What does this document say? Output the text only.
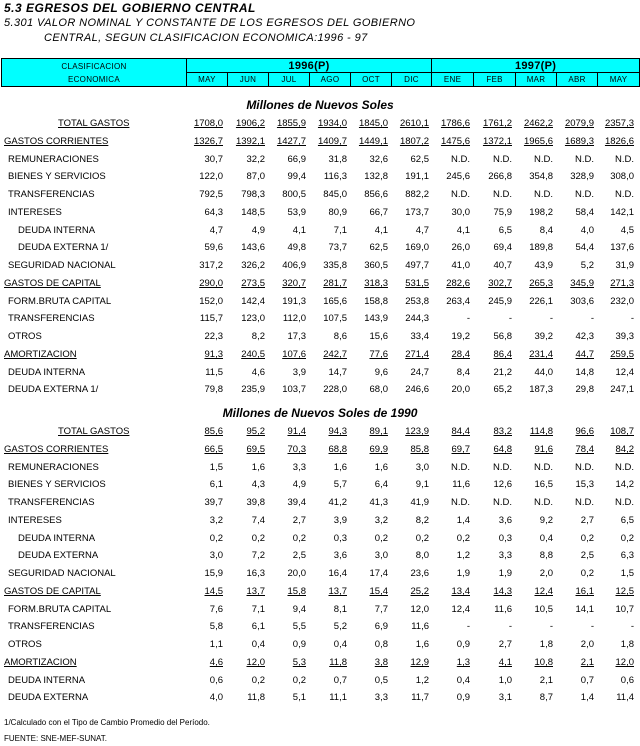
5.3 EGRESOS DEL GOBIERNO CENTRAL
5.301 VALOR NOMINAL Y CONSTANTE DE LOS EGRESOS DEL GOBIERNO
CENTRAL, SEGUN CLASIFICACION ECONOMICA:1996 - 97
CLASIFICACION
ECONOMICA	1996(P)						1997(P)				
	MAY	JUN	JUL	AGO	OCT	DIC	ENE	FEB	MAR	ABR	MAY
Millones de Nuevos Soles
TOTAL GASTOS	1708,0	1906,2	1855,9	1934,0	1845,0	2610,1	1786,6	1761,2	2462,2	2079,9	2357,3
GASTOS CORRIENTES	1326,7	1392,1	1427,7	1409,7	1449,1	1807,2	1475,6	1372,1	1965,6	1689,3	1826,6
REMUNERACIONES	30,7	32,2	66,9	31,8	32,6	62,5	N.D.	N.D.	N.D.	N.D.	N.D.
BIENES Y SERVICIOS	122,0	87,0	99,4	116,3	132,8	191,1	245,6	266,8	354,8	328,9	308,0
TRANSFERENCIAS	792,5	798,3	800,5	845,0	856,6	882,2	N.D.	N.D.	N.D.	N.D.	N.D.
INTERESES	64,3	148,5	53,9	80,9	66,7	173,7	30,0	75,9	198,2	58,4	142,1
DEUDA INTERNA	4,7	4,9	4,1	7,1	4,1	4,7	4,1	6,5	8,4	4,0	4,5
DEUDA EXTERNA 1/	59,6	143,6	49,8	73,7	62,5	169,0	26,0	69,4	189,8	54,4	137,6
SEGURIDAD NACIONAL	317,2	326,2	406,9	335,8	360,5	497,7	41,0	40,7	43,9	5,2	31,9
GASTOS DE CAPITAL	290,0	273,5	320,7	281,7	318,3	531,5	282,6	302,7	265,3	345,9	271,3
FORM.BRUTA CAPITAL	152,0	142,4	191,3	165,6	158,8	253,8	263,4	245,9	226,1	303,6	232,0
TRANSFERENCIAS	115,7	123,0	112,0	107,5	143,9	244,3	-	-	-	-	-
OTROS	22,3	8,2	17,3	8,6	15,6	33,4	19,2	56,8	39,2	42,3	39,3
AMORTIZACION	91,3	240,5	107,6	242,7	77,6	271,4	28,4	86,4	231,4	44,7	259,5
DEUDA INTERNA	11,5	4,6	3,9	14,7	9,6	24,7	8,4	21,2	44,0	14,8	12,4
DEUDA EXTERNA 1/	79,8	235,9	103,7	228,0	68,0	246,6	20,0	65,2	187,3	29,8	247,1
Millones de Nuevos Soles de 1990
TOTAL GASTOS	85,6	95,2	91,4	94,3	89,1	123,9	84,4	83,2	114,8	96,6	108,7
GASTOS CORRIENTES	66,5	69,5	70,3	68,8	69,9	85,8	69,7	64,8	91,6	78,4	84,2
REMUNERACIONES	1,5	1,6	3,3	1,6	1,6	3,0	N.D.	N.D.	N.D.	N.D.	N.D.
BIENES Y SERVICIOS	6,1	4,3	4,9	5,7	6,4	9,1	11,6	12,6	16,5	15,3	14,2
TRANSFERENCIAS	39,7	39,8	39,4	41,2	41,3	41,9	N.D.	N.D.	N.D.	N.D.	N.D.
INTERESES	3,2	7,4	2,7	3,9	3,2	8,2	1,4	3,6	9,2	2,7	6,5
DEUDA INTERNA	0,2	0,2	0,2	0,3	0,2	0,2	0,2	0,3	0,4	0,2	0,2
DEUDA EXTERNA	3,0	7,2	2,5	3,6	3,0	8,0	1,2	3,3	8,8	2,5	6,3
SEGURIDAD NACIONAL	15,9	16,3	20,0	16,4	17,4	23,6	1,9	1,9	2,0	0,2	1,5
GASTOS DE CAPITAL	14,5	13,7	15,8	13,7	15,4	25,2	13,4	14,3	12,4	16,1	12,5
FORM.BRUTA CAPITAL	7,6	7,1	9,4	8,1	7,7	12,0	12,4	11,6	10,5	14,1	10,7
TRANSFERENCIAS	5,8	6,1	5,5	5,2	6,9	11,6	-	-	-	-	-
OTROS	1,1	0,4	0,9	0,4	0,8	1,6	0,9	2,7	1,8	2,0	1,8
AMORTIZACION	4,6	12,0	5,3	11,8	3,8	12,9	1,3	4,1	10,8	2,1	12,0
DEUDA INTERNA	0,6	0,2	0,2	0,7	0,5	1,2	0,4	1,0	2,1	0,7	0,6
DEUDA EXTERNA	4,0	11,8	5,1	11,1	3,3	11,7	0,9	3,1	8,7	1,4	11,4
1/Calculado con el Tipo de Cambio Promedio del Período.
FUENTE: SNE-MEF-SUNAT.
